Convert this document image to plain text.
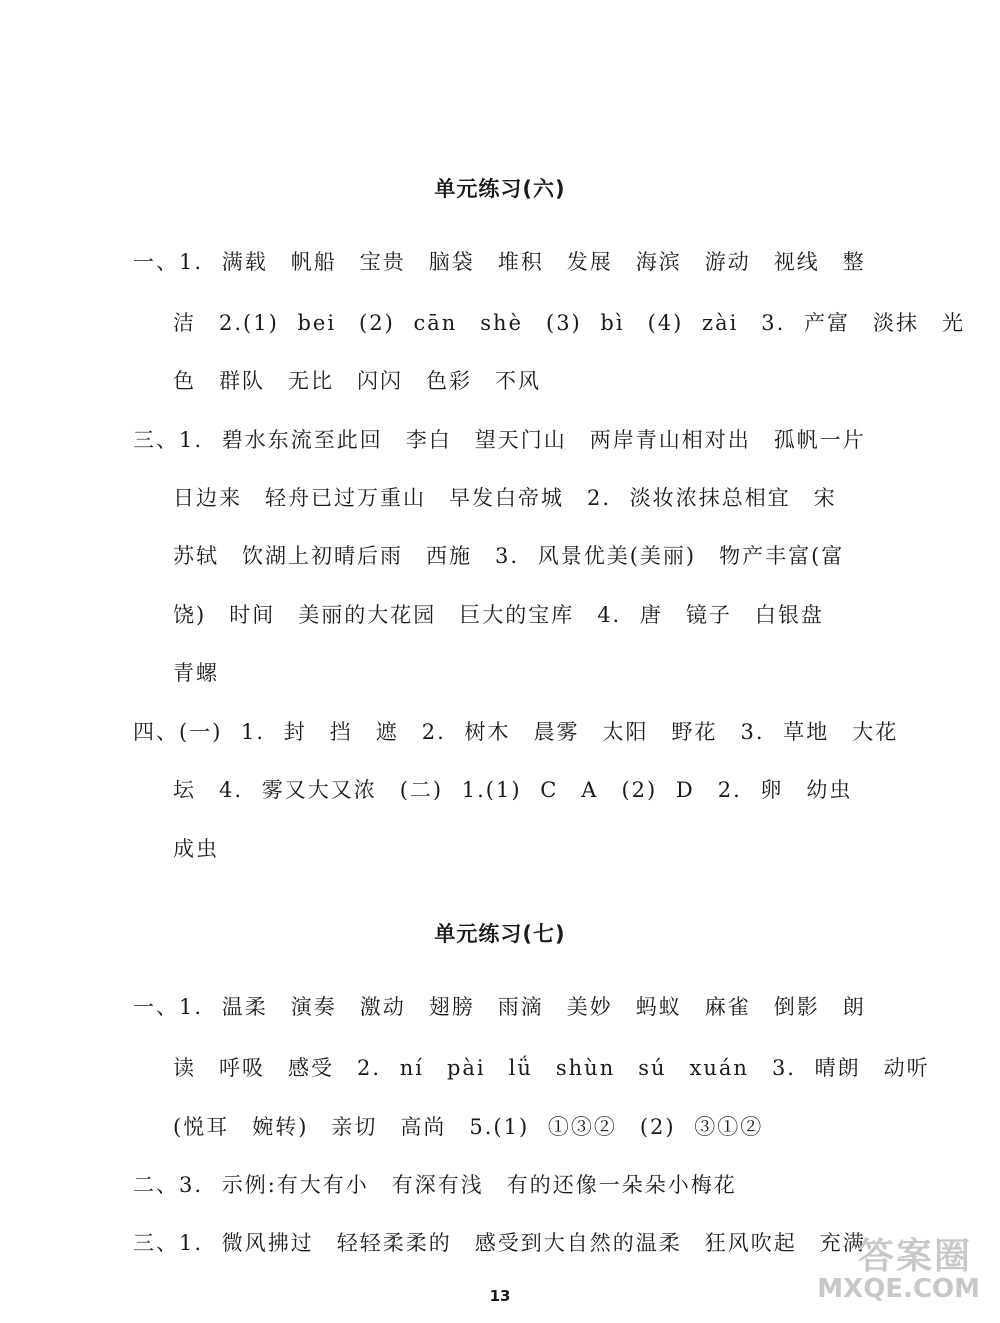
单元练习(六)
一、1. 满载　帆船　宝贵　脑袋　堆积　发展　海滨　游动　视线　整
洁　2.(1) bei　(2) cān　shè　(3) bì　(4) zài　3. 产富　淡抹　光
色　群队　无比　闪闪　色彩　不风
三、1. 碧水东流至此回　李白　望天门山　两岸青山相对出　孤帆一片
日边来　轻舟已过万重山　早发白帝城　2. 淡妆浓抹总相宜　宋
苏轼　饮湖上初晴后雨　西施　3. 风景优美(美丽)　物产丰富(富
饶)　时间　美丽的大花园　巨大的宝库　4. 唐　镜子　白银盘
青螺
四、(一) 1. 封　挡　遮　2. 树木　晨雾　太阳　野花　3. 草地　大花
坛　4. 雾又大又浓　(二) 1.(1) C　A　(2) D　2. 卵　幼虫
成虫
单元练习(七)
一、1. 温柔　演奏　激动　翅膀　雨滴　美妙　蚂蚁　麻雀　倒影　朗
读　呼吸　感受　2. ní　pài　lǘ　shùn　sú　xuán　3. 晴朗　动听
(悦耳　婉转)　亲切　高尚　5.(1) ①③②　(2) ③①②
二、3. 示例:有大有小　有深有浅　有的还像一朵朵小梅花
三、1. 微风拂过　轻轻柔柔的　感受到大自然的温柔　狂风吹起　充满
13
答案圈
MXQE.COM
